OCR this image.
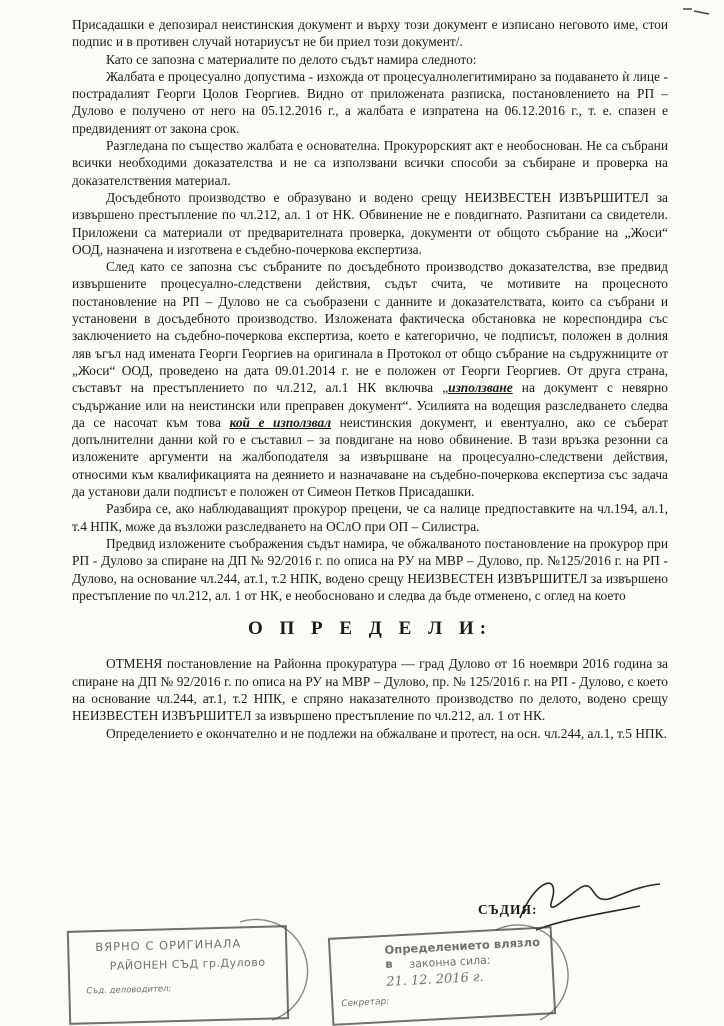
Присадашки е депозирал неистинския документ и върху този документ е изписано неговото име, стои подпис и в противен случай нотариусът не би приел този документ/.

Като се запозна с материалите по делото съдът намира следното:

Жалбата е процесуално допустима - изхожда от процесуалнолегитимирано за подаването ѝ лице - пострадалият Георги Цолов Георгиев. Видно от приложената разписка, постановлението на РП – Дулово е получено от него на 05.12.2016 г., а жалбата е изпратена на 06.12.2016 г., т. е. спазен е предвиденият от закона срок.

Разгледана по същество жалбата е основателна. Прокурорският акт е необоснован. Не са събрани всички необходими доказателства и не са използвани всички способи за събиране и проверка на доказателствения материал.

Досъдебното производство е образувано и водено срещу НЕИЗВЕСТЕН ИЗВЪРШИТЕЛ за извършено престъпление по чл.212, ал. 1 от НК. Обвинение не е повдигнато. Разпитани са свидетели. Приложени са материали от предварителната проверка, документи от общото събрание на „Жоси“ ООД, назначена и изготвена е съдебно-почеркова експертиза.

След като се запозна със събраните по досъдебното производство доказателства, взе предвид извършените процесуално-следствени действия, съдът счита, че мотивите на процесното постановление на РП – Дулово не са съобразени с данните и доказателствата, които са събрани и установени в досъдебното производство. Изложената фактическа обстановка не кореспондира със заключението на съдебно-почеркова експертиза, което е категорично, че подписът, положен в долния ляв ъгъл над имената Георги Георгиев на оригинала в Протокол от общо събрание на съдружниците от „Жоси“ ООД, проведено на дата 09.01.2014 г. не е положен от Георги Георгиев. От друга страна, съставът на престъплението по чл.212, ал.1 НК включва „използване на документ с невярно съдържание или на неистински или преправен документ“. Усилията на водещия разследването следва да се насочат към това кой е използвал неистинския документ, и евентуално, ако се съберат допълнителни данни кой го е съставил – за повдигане на ново обвинение. В тази връзка резонни са изложените аргументи на жалбоподателя за извършване на процесуално-следствени действия, относими към квалификацията на деянието и назначаване на съдебно-почеркова експертиза със задача да установи дали подписът е положен от Симеон Петков Присадашки.

Разбира се, ако наблюдаващият прокурор прецени, че са налице предпоставките на чл.194, ал.1, т.4 НПК, може да възложи разследването на ОСлО при ОП – Силистра.

Предвид изложените съображения съдът намира, че обжалваното постановление на прокурор при РП - Дулово за спиране на ДП № 92/2016 г. по описа на РУ на МВР – Дулово, пр. №125/2016 г. на РП - Дулово, на основание чл.244, ат.1, т.2 НПК, водено срещу НЕИЗВЕСТЕН ИЗВЪРШИТЕЛ за извършено престъпление по чл.212, ал. 1 от НК, е необосновано и следва да бъде отменено, с оглед на което

О П Р Е Д Е Л И:

ОТМЕНЯ постановление на Районна прокуратура — град Дулово от 16 ноември 2016 година за спиране на ДП № 92/2016 г. по описа на РУ на МВР – Дулово, пр. № 125/2016 г. на РП - Дулово, с което на основание чл.244, ат.1, т.2 НПК, е спряно наказателното производство по делото, водено срещу НЕИЗВЕСТЕН ИЗВЪРШИТЕЛ за извършено престъпление по чл.212, ал. 1 от НК.

Определението е окончателно и не подлежи на обжалване и протест, на осн. чл.244, ал.1, т.5 НПК.

СЪДИЯ:
ВЯРНО С ОРИГИНАЛА
РАЙОНЕН СЪД гр.Дулово
Съд. деловодител:
Определението влязло в	законна сила:
21. 12. 2016 г.
Секретар:
